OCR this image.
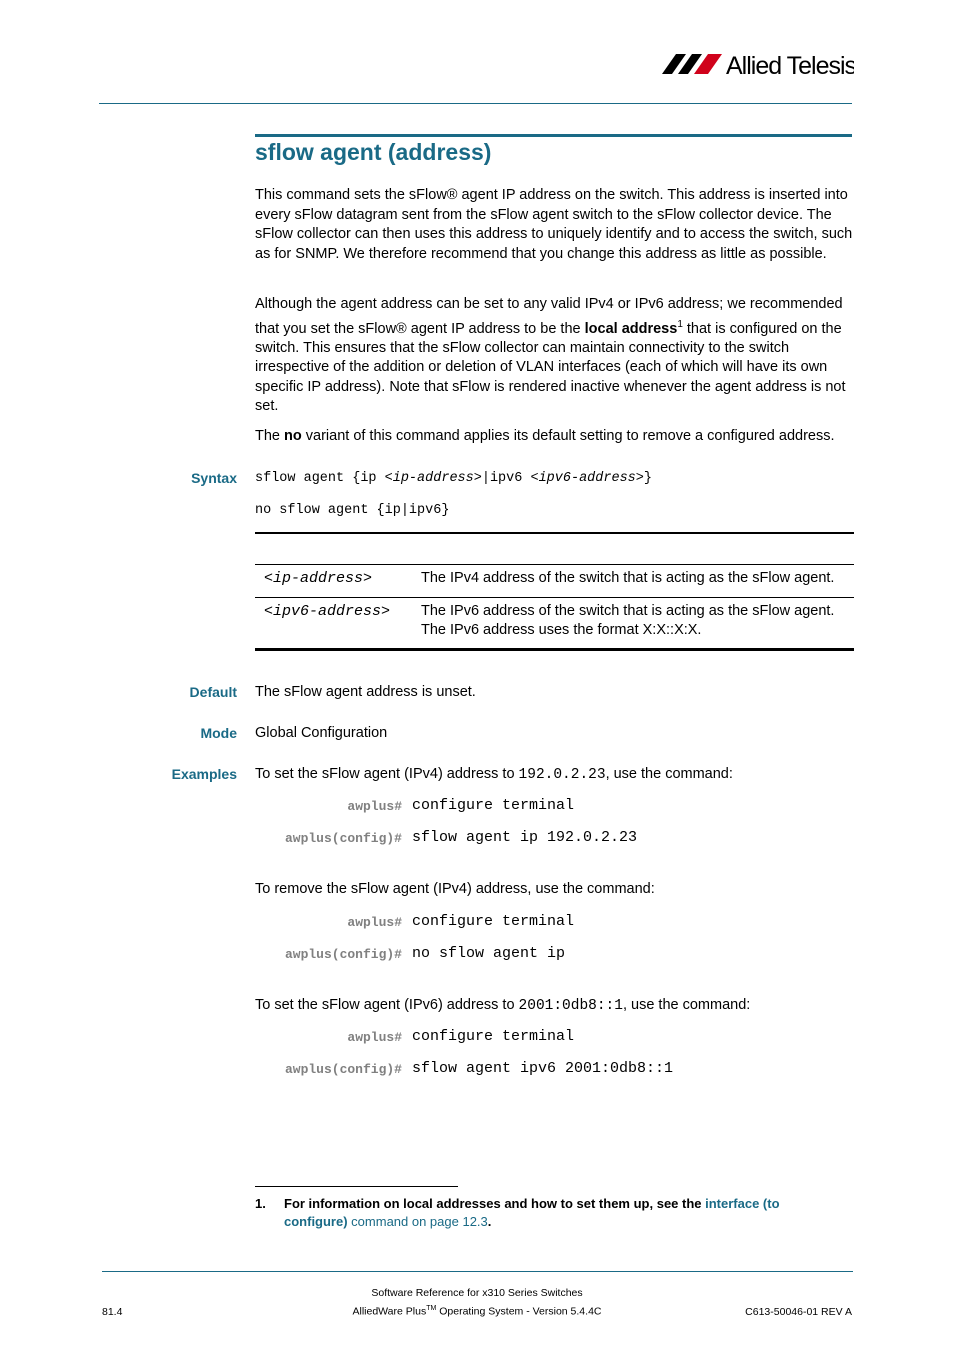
Allied Telesis
sflow agent (address)
This command sets the sFlow® agent IP address on the switch. This address is inserted into every sFlow datagram sent from the sFlow agent switch to the sFlow collector device. The sFlow collector can then uses this address to uniquely identify and to access the switch, such as for SNMP. We therefore recommend that you change this address as little as possible.
Although the agent address can be set to any valid IPv4 or IPv6 address; we recommended that you set the sFlow® agent IP address to be the local address$^1$ that is configured on the switch. This ensures that the sFlow collector can maintain connectivity to the switch irrespective of the addition or deletion of VLAN interfaces (each of which will have its own specific IP address). Note that sFlow is rendered inactive whenever the agent address is not set.
The no variant of this command applies its default setting to remove a configured address.
Syntax sflow agent {ip <ip-address>|ipv6 <ipv6-address>}
no sflow agent {ip|ipv6}
<ip-address>	The IPv4 address of the switch that is acting as the sFlow agent.
<ipv6-address> The IPv6 address of the switch that is acting as the sFlow agent. The IPv6 address uses the format X:X::X:X.
Default The sFlow agent address is unset.
Mode Global Configuration
Examples To set the sFlow agent (IPv4) address to 192.0.2.23, use the command:
awplus# configure terminal
awplus(config)# sflow agent ip 192.0.2.23
To remove the sFlow agent (IPv4) address, use the command:
awplus# configure terminal
awplus(config)# no sflow agent ip
To set the sFlow agent (IPv6) address to 2001:0db8::1, use the command:
awplus# configure terminal
awplus(config)# sflow agent ipv6 2001:0db8::1
1.	For information on local addresses and how to set them up, see the interface (to configure) command on page 12.3.
Software Reference for x310 Series Switches
AlliedWare Plus™ Operating System - Version 5.4.4C
81.4	C613-50046-01 REV A
